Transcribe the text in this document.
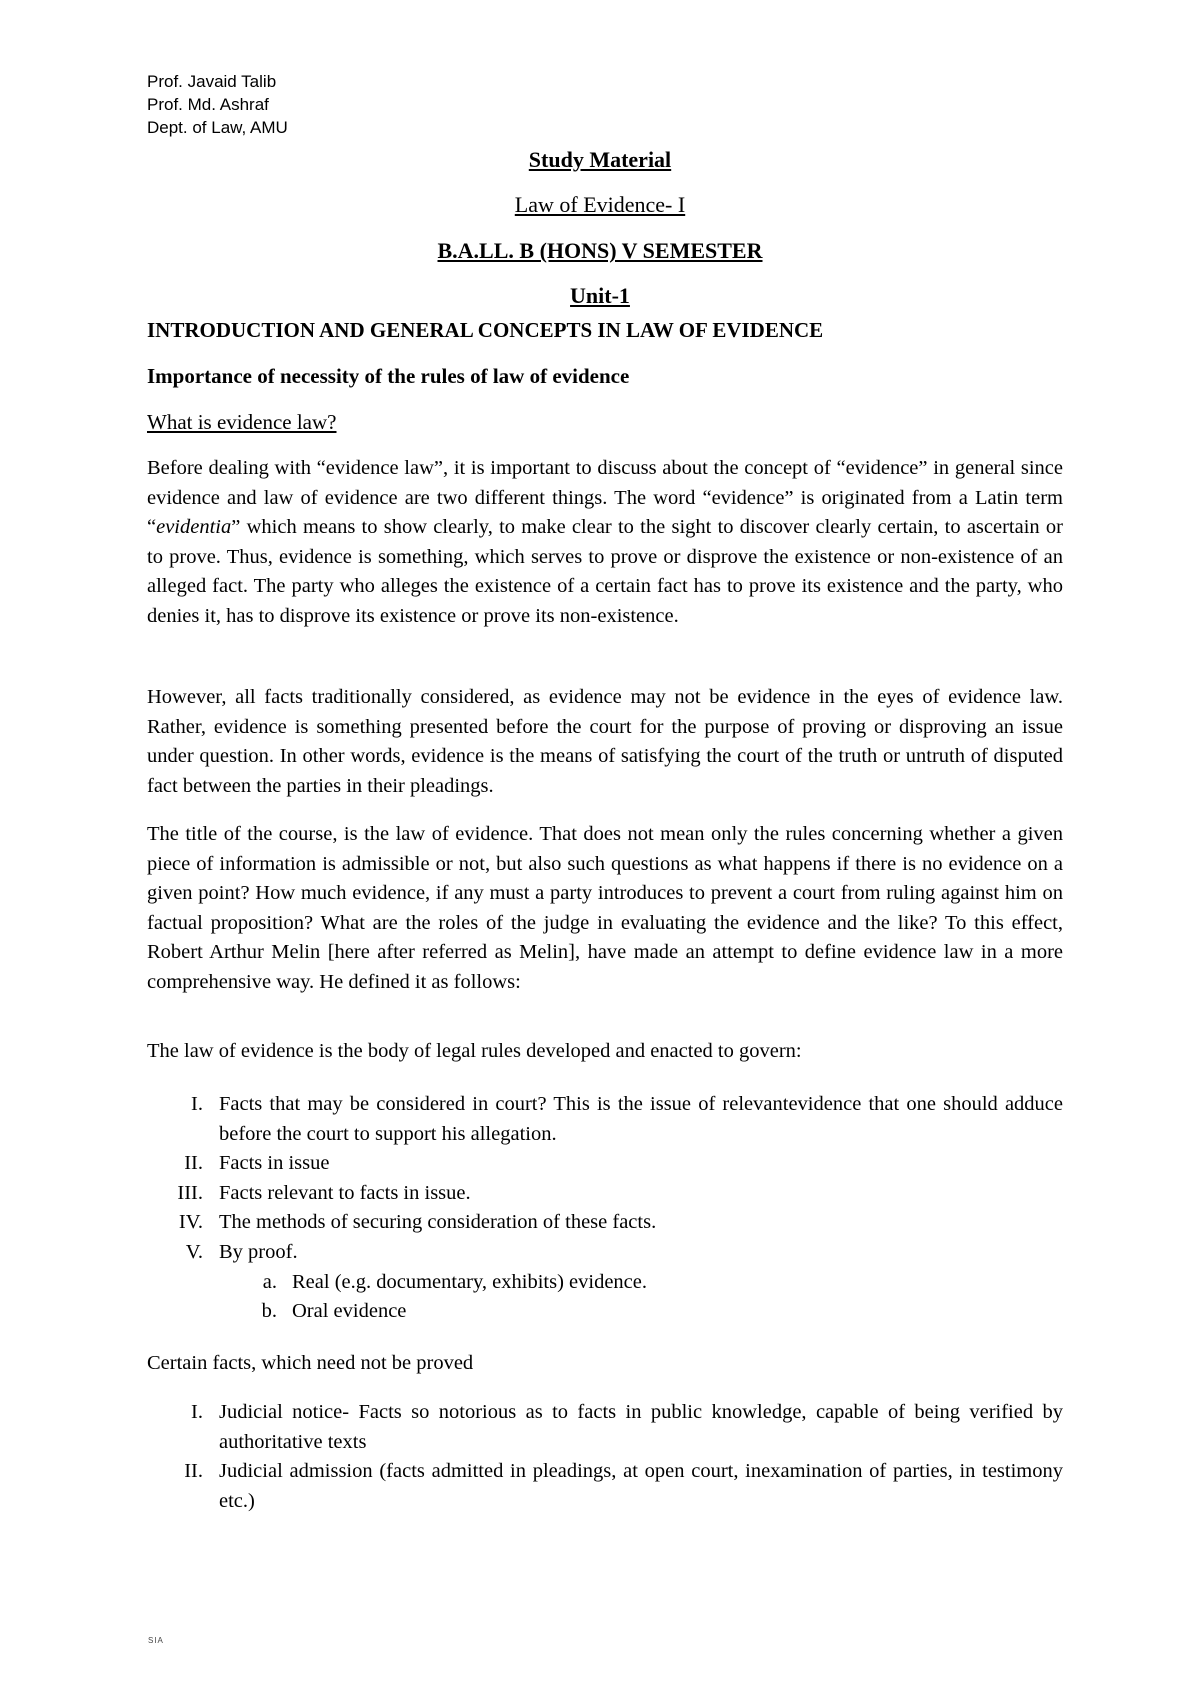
Prof. Javaid Talib
Prof. Md. Ashraf
Dept. of Law, AMU
Study Material
Law of Evidence- I
B.A.LL. B (HONS) V SEMESTER
Unit-1
INTRODUCTION AND GENERAL CONCEPTS IN LAW OF EVIDENCE
Importance of necessity of the rules of law of evidence
What is evidence law?

Before dealing with “evidence law”, it is important to discuss about the concept of “evidence” in general since evidence and law of evidence are two different things. The word “evidence” is originated from a Latin term “evidentia” which means to show clearly, to make clear to the sight to discover clearly certain, to ascertain or to prove. Thus, evidence is something, which serves to prove or disprove the existence or non-existence of an alleged fact. The party who alleges the existence of a certain fact has to prove its existence and the party, who denies it, has to disprove its existence or prove its non-existence.

However, all facts traditionally considered, as evidence may not be evidence in the eyes of evidence law. Rather, evidence is something presented before the court for the purpose of proving or disproving an issue under question. In other words, evidence is the means of satisfying the court of the truth or untruth of disputed fact between the parties in their pleadings.

The title of the course, is the law of evidence. That does not mean only the rules concerning whether a given piece of information is admissible or not, but also such questions as what happens if there is no evidence on a given point? How much evidence, if any must a party introduces to prevent a court from ruling against him on factual proposition? What are the roles of the judge in evaluating the evidence and the like? To this effect, Robert Arthur Melin [here after referred as Melin], have made an attempt to define evidence law in a more comprehensive way. He defined it as follows:

The law of evidence is the body of legal rules developed and enacted to govern:

I. Facts that may be considered in court? This is the issue of relevantevidence that one should adduce before the court to support his allegation.
II. Facts in issue
III. Facts relevant to facts in issue.
IV. The methods of securing consideration of these facts.
V. By proof.
a. Real (e.g. documentary, exhibits) evidence.
b. Oral evidence

Certain facts, which need not be proved

I. Judicial notice- Facts so notorious as to facts in public knowledge, capable of being verified by authoritative texts
II. Judicial admission (facts admitted in pleadings, at open court, inexamination of parties, in testimony etc.)
SIA
